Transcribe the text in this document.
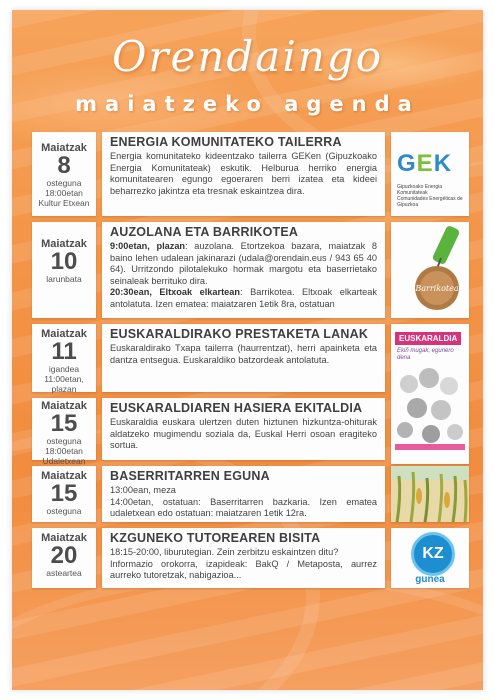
Orendaingo
maiatzeko agenda
Maiatzak
8
osteguna
18:00etan
Kultur Etxean
ENERGIA KOMUNITATEKO TAILERRA
Energia komunitateko kideentzako tailerra GEKen (Gipuzkoako Energia Komunitateak) eskutik. Helburua herriko energia komunitatearen egungo egoeraren berri izatea eta kideei beharrezko jakintza eta tresnak eskaintzea dira.
GEK
Gipuzkoako Energia Komunitateak
Comunidades Energéticas de Gipuzkoa
Maiatzak
10
larunbata
AUZOLANA ETA BARRIKOTEA
9:00etan, plazan: auzolana. Etortzekoa bazara, maiatzak 8 baino lehen udalean jakinarazi (udala@orendain.eus / 943 65 40 64). Urritzondo pilotalekuko hormak margotu eta baserrietako seinaleak berrituko dira.
20:30ean, Eltxoak elkartean: Barrikotea. Eltxoak elkarteak antolatuta. Izen ematea: maiatzaren 1etik 8ra, ostatuan
Barrikotea
Maiatzak
11
igandea
11:00etan,
plazan
EUSKARALDIRAKO PRESTAKETA LANAK
Euskaraldirako Txapa tailerra (haurrentzat), herri apainketa eta dantza entsegua. Euskaraldiko batzordeak antolatuta.
EUSKARALDIA
Ekiñ mugak, egunero dena
Maiatzak
15
osteguna
18:00etan
Udaletxean
EUSKARALDIAREN HASIERA EKITALDIA
Euskaraldia euskara ulertzen duten hiztunen hizkuntza-ohiturak aldatzeko mugimendu soziala da, Euskal Herri osoan eragiteko sortua.
Maiatzak
15
osteguna
BASERRITARREN EGUNA
13:00ean, meza
14:00etan, ostatuan: Baserritarren bazkaria. Izen ematea udaletxean edo ostatuan: maiatzaren 1etik 12ra.
Maiatzak
20
asteartea
KZGUNEKO TUTOREAREN BISITA
18:15-20:00, liburutegian. Zein zerbitzu eskaintzen ditu?
Informazio orokorra, izapideak: BakQ / Metaposta, aurrez aurreko tutoretzak, nabigazioa...
KZ
gunea
